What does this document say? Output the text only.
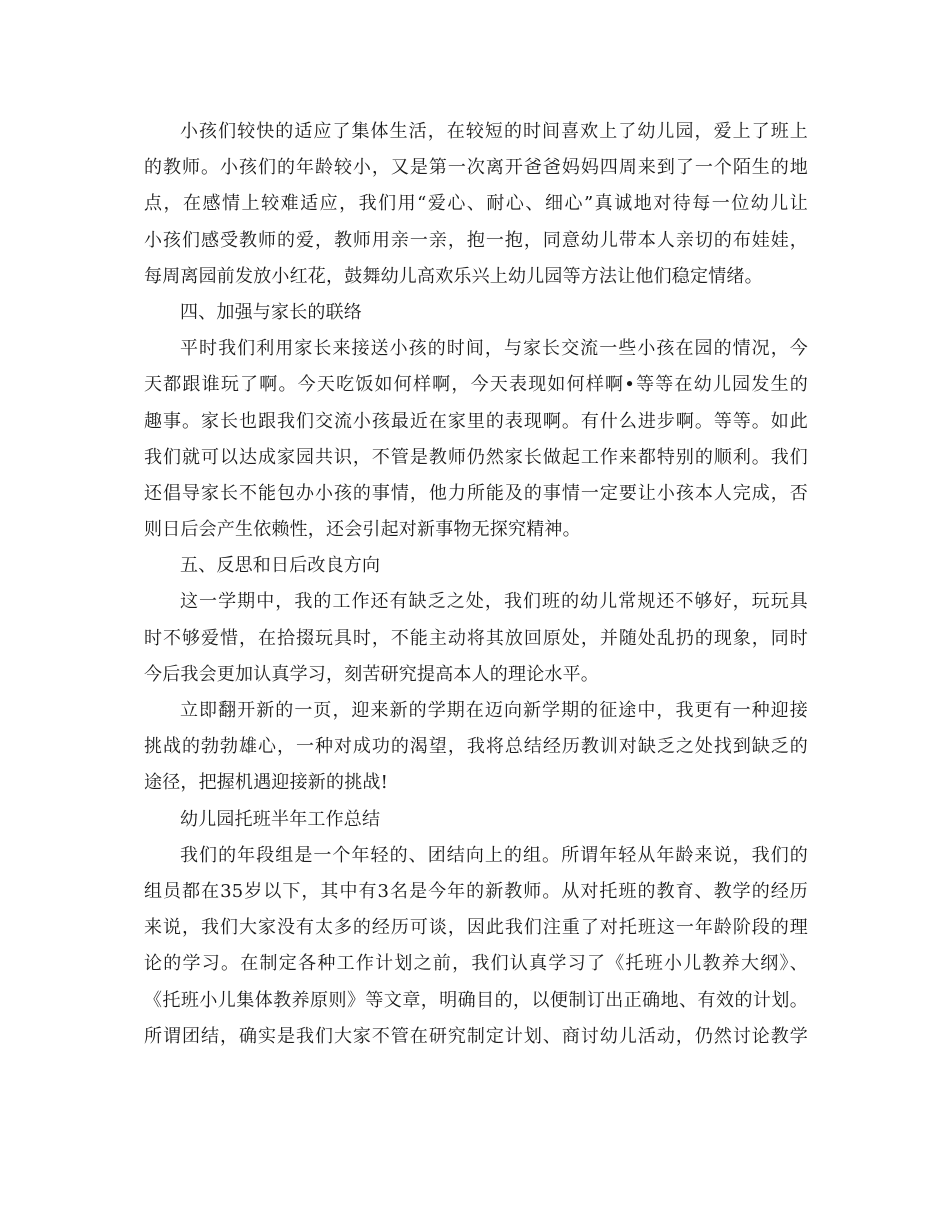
小孩们较快的适应了集体生活，在较短的时间喜欢上了幼儿园，爱上了班上
的教师。小孩们的年龄较小，又是第一次离开爸爸妈妈四周来到了一个陌生的地
点，在感情上较难适应，我们用“爱心、耐心、细心”真诚地对待每一位幼儿让
小孩们感受教师的爱，教师用亲一亲，抱一抱，同意幼儿带本人亲切的布娃娃，
每周离园前发放小红花，鼓舞幼儿高欢乐兴上幼儿园等方法让他们稳定情绪。
四、加强与家长的联络
平时我们利用家长来接送小孩的时间，与家长交流一些小孩在园的情况，今
天都跟谁玩了啊。今天吃饭如何样啊，今天表现如何样啊•等等在幼儿园发生的
趣事。家长也跟我们交流小孩最近在家里的表现啊。有什么进步啊。等等。如此
我们就可以达成家园共识，不管是教师仍然家长做起工作来都特别的顺利。我们
还倡导家长不能包办小孩的事情，他力所能及的事情一定要让小孩本人完成，否
则日后会产生依赖性，还会引起对新事物无探究精神。
五、反思和日后改良方向
这一学期中，我的工作还有缺乏之处，我们班的幼儿常规还不够好，玩玩具
时不够爱惜，在拾掇玩具时，不能主动将其放回原处，并随处乱扔的现象，同时
今后我会更加认真学习，刻苦研究提高本人的理论水平。
立即翻开新的一页，迎来新的学期在迈向新学期的征途中，我更有一种迎接
挑战的勃勃雄心，一种对成功的渴望，我将总结经历教训对缺乏之处找到缺乏的
途径，把握机遇迎接新的挑战!
幼儿园托班半年工作总结
我们的年段组是一个年轻的、团结向上的组。所谓年轻从年龄来说，我们的
组员都在35岁以下，其中有3名是今年的新教师。从对托班的教育、教学的经历
来说，我们大家没有太多的经历可谈，因此我们注重了对托班这一年龄阶段的理
论的学习。在制定各种工作计划之前，我们认真学习了《托班小儿教养大纲》、
《托班小儿集体教养原则》等文章，明确目的，以便制订出正确地、有效的计划。
所谓团结，确实是我们大家不管在研究制定计划、商讨幼儿活动，仍然讨论教学
